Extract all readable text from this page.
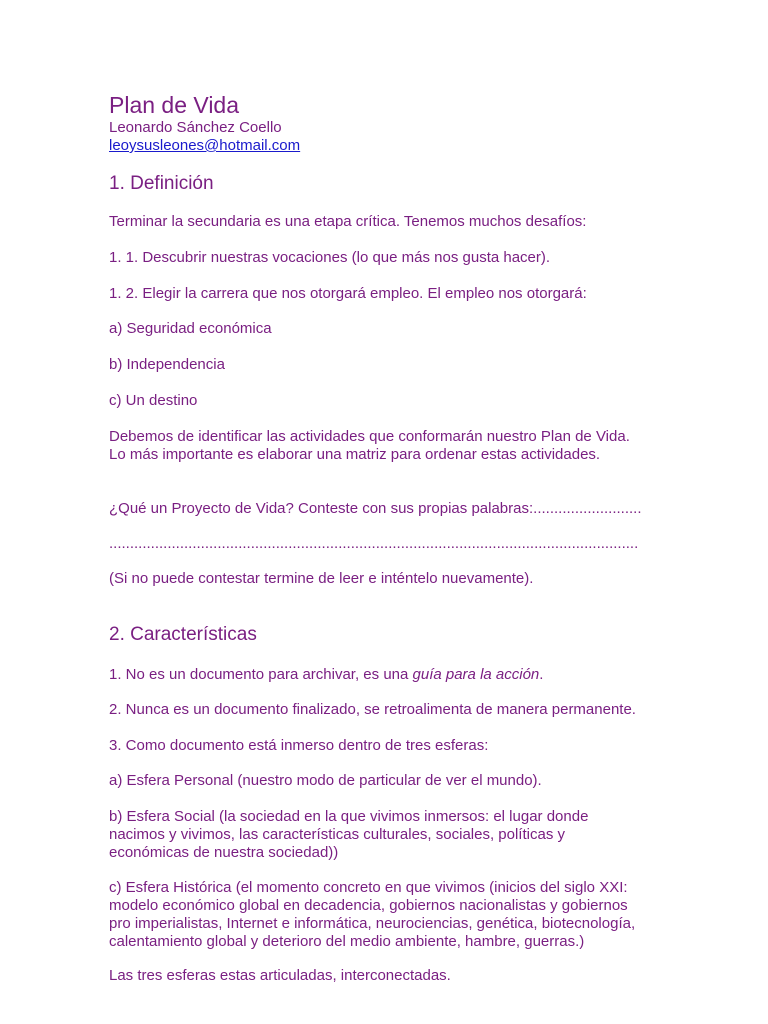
Plan de Vida

Leonardo Sánchez Coello

leoysusleones@hotmail.com

1. Definición

Terminar la secundaria es una etapa crítica. Tenemos muchos desafíos:

1. 1. Descubrir nuestras vocaciones (lo que más nos gusta hacer).

1. 2. Elegir la carrera que nos otorgará empleo. El empleo nos otorgará:

a) Seguridad económica

b) Independencia

c) Un destino

Debemos de identificar las actividades que conformarán nuestro Plan de Vida.

Lo más importante es elaborar una matriz para ordenar estas actividades.

¿Qué un Proyecto de Vida? Conteste con sus propias palabras:..........................

...............................................................................................................................

(Si no puede contestar termine de leer e inténtelo nuevamente).

2. Características

1. No es un documento para archivar, es una guía para la acción.

2. Nunca es un documento finalizado, se retroalimenta de manera permanente.

3. Como documento está inmerso dentro de tres esferas:

a) Esfera Personal (nuestro modo de particular de ver el mundo).

b) Esfera Social (la sociedad en la que vivimos inmersos: el lugar donde

nacimos y vivimos, las características culturales, sociales, políticas y

económicas de nuestra sociedad))

c) Esfera Histórica (el momento concreto en que vivimos (inicios del siglo XXI:

modelo económico global en decadencia, gobiernos nacionalistas y gobiernos

pro imperialistas, Internet e informática, neurociencias, genética, biotecnología,

calentamiento global y deterioro del medio ambiente, hambre, guerras.)

Las tres esferas estas articuladas, interconectadas.
